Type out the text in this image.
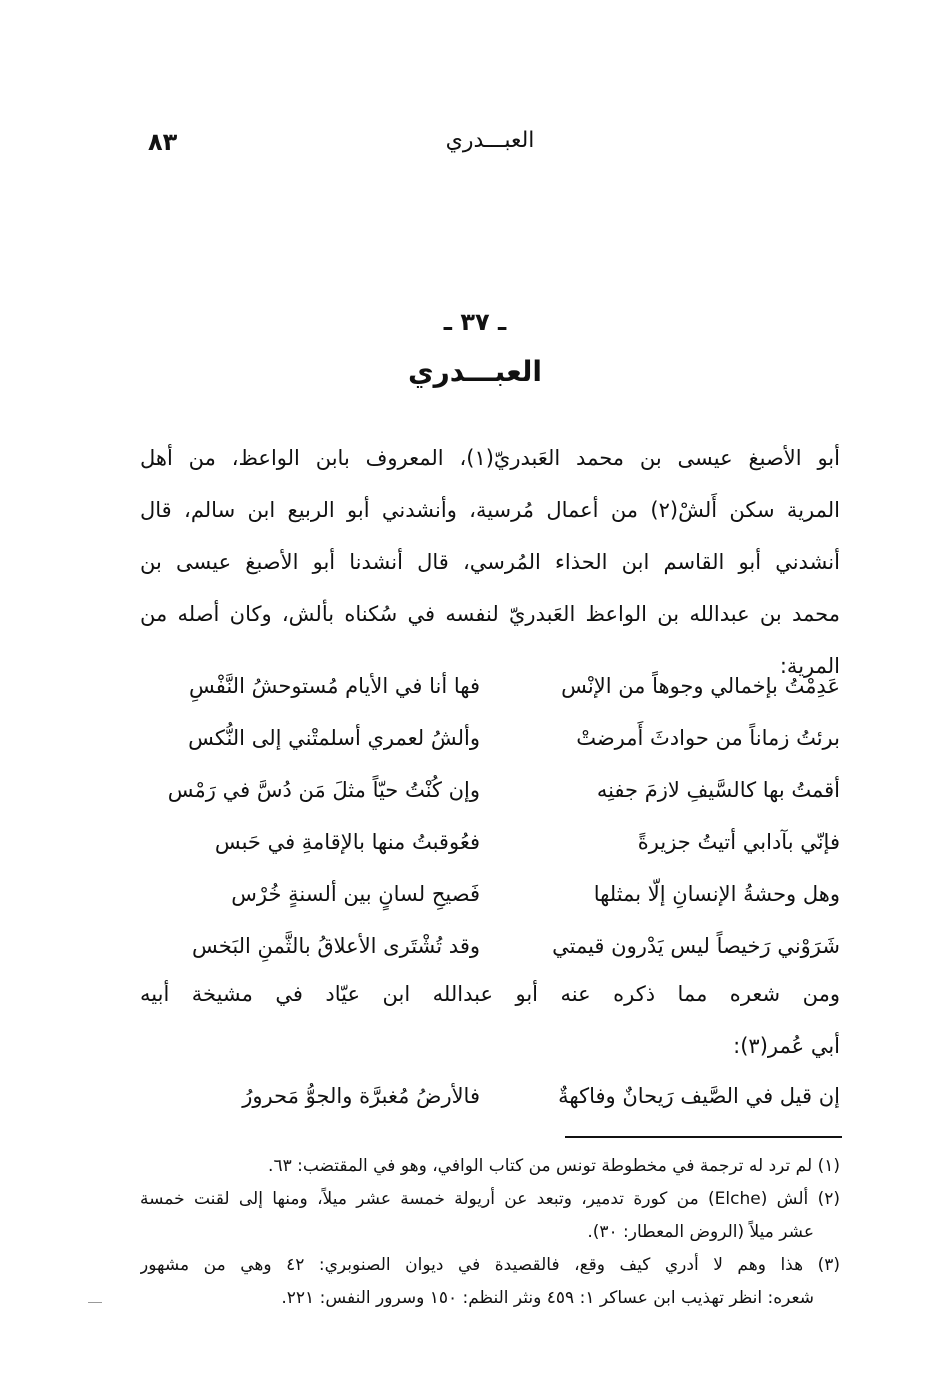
العبـــدري
٨٣
ـ ٣٧ ـ
العبـــدري
أبو الأصبغ عيسى بن محمد العَبدريّ(١)، المعروف بابن الواعظ، من أهل
المرية سكن أَلشْ(٢) من أعمال مُرسية، وأنشدني أبو الربيع ابن سالم، قال
أنشدني أبو القاسم ابن الحذاء المُرسي، قال أنشدنا أبو الأصبغ عيسى بن
محمد بن عبدالله بن الواعظ العَبدريّ لنفسه في سُكناه بألش، وكان أصله من
المرية:
عَدِمْتُ بإخمالي وجوهاً من الإنْس
فها أنا في الأيام مُستوحشُ النَّفْسِ
برئتُ زماناً من حوادثَ أَمرضتْ
وألشُ لعمري أسلمتْني إلى النُّكس
أقمتُ بها كالسَّيفِ لازمَ جفنِه
وإن كُنْتُ حيّاً مثلَ مَن دُسَّ في رَمْس
فإنّي بآدابي أتيتُ جزيرةً
فعُوقبتُ منها بالإقامةِ في حَبس
وهل وحشةُ الإنسانِ إلّا بمثلها
فَصيحِ لسانٍ بين ألسنةٍ خُرْس
شَرَوْني رَخيصاً ليس يَدْرون قيمتي
وقد تُشْتَرى الأعلاقُ بالثَّمنِ البَخس
ومن شعره مما ذكره عنه أبو عبدالله ابن عيّاد في مشيخة أبيه
أبي عُمر(٣):
إن قيل في الصَّيف رَيحانٌ وفاكهةٌ
فالأرضُ مُغبرَّة والجوُّ مَحرورُ
(١) لم ترد له ترجمة في مخطوطة تونس من كتاب الوافي، وهو في المقتضب: ٦٣.
(٢) ألش (Elche) من كورة تدمير، وتبعد عن أريولة خمسة عشر ميلاً، ومنها إلى لقنت خمسة
عشر ميلاً (الروض المعطار: ٣٠).
(٣) هذا وهم لا أدري كيف وقع، فالقصيدة في ديوان الصنوبري: ٤٢ وهي من مشهور
شعره: انظر تهذيب ابن عساكر ١: ٤٥٩ ونثر النظم: ١٥٠ وسرور النفس: ٢٢١.
